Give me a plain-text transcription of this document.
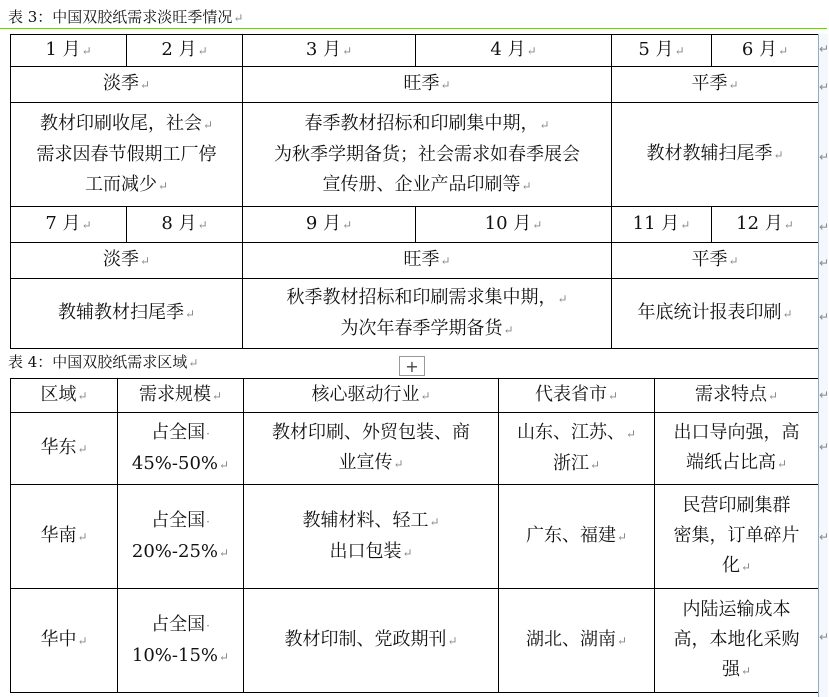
表 3：中国双胶纸需求淡旺季情况↵
1 月↵	2 月↵	3 月↵	4 月↵	5 月↵	6 月↵
淡季↵		旺季↵		平季↵	
教材印刷收尾，社会↵
需求因春节假期工厂停
工而减少↵		春季教材招标和印刷集中期，↵
为秋季学期备货；社会需求如春季展会
宣传册、企业产品印刷等↵		教材教辅扫尾季↵	
7 月↵	8 月↵	9 月↵	10 月↵	11 月↵	12 月↵
淡季↵		旺季↵		平季↵	
教辅教材扫尾季↵		秋季教材招标和印刷需求集中期，↵
为次年春季学期备货↵		年底统计报表印刷↵	
表 4：中国双胶纸需求区域↵	+
区域↵	需求规模↵	核心驱动行业↵	代表省市↵	需求特点↵
华东↵	占全国·
45%-50%↵	教材印刷、外贸包装、商
业宣传↵	山东、江苏、↵
浙江↵	出口导向强，高
端纸占比高↵
华南↵	占全国·
20%-25%↵	教辅材料、轻工↵
出口包装↵	广东、福建↵	民营印刷集群
密集，订单碎片
化↵
华中↵	占全国·
10%-15%↵	教材印制、党政期刊↵	湖北、湖南↵	内陆运输成本
高，本地化采购
强↵
↵
↵
↵
↵
↵
↵
↵
↵
↵
↵
